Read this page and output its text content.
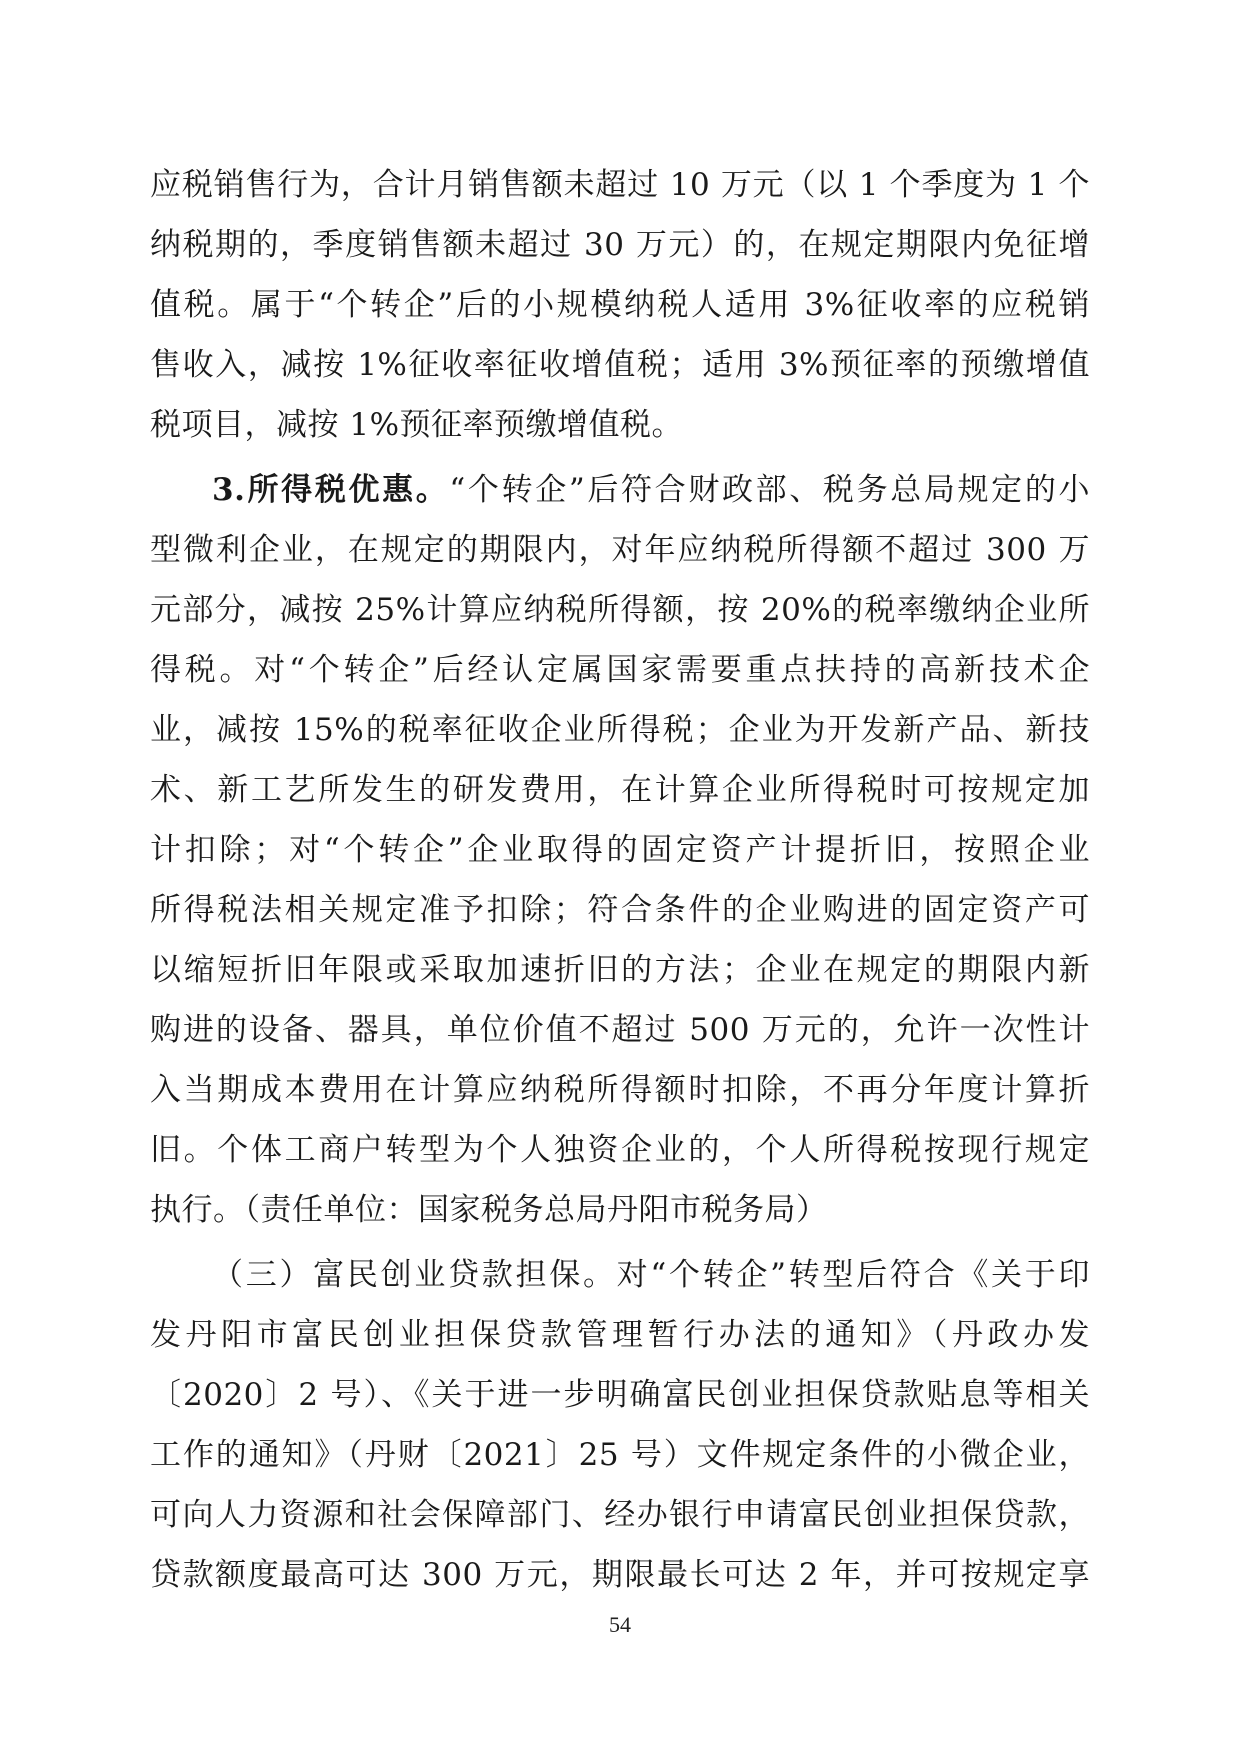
应税销售行为，合计月销售额未超过 10 万元（以 1 个季度为 1 个
纳税期的，季度销售额未超过 30 万元）的，在规定期限内免征增
值税。属于“个转企”后的小规模纳税人适用 3%征收率的应税销
售收入，减按 1%征收率征收增值税；适用 3%预征率的预缴增值
税项目，减按 1%预征率预缴增值税。
3.所得税优惠。“个转企”后符合财政部、税务总局规定的小
型微利企业，在规定的期限内，对年应纳税所得额不超过 300 万
元部分，减按 25%计算应纳税所得额，按 20%的税率缴纳企业所
得税。对“个转企”后经认定属国家需要重点扶持的高新技术企
业，减按 15%的税率征收企业所得税；企业为开发新产品、新技
术、新工艺所发生的研发费用，在计算企业所得税时可按规定加
计扣除；对“个转企”企业取得的固定资产计提折旧，按照企业
所得税法相关规定准予扣除；符合条件的企业购进的固定资产可
以缩短折旧年限或采取加速折旧的方法；企业在规定的期限内新
购进的设备、器具，单位价值不超过 500 万元的，允许一次性计
入当期成本费用在计算应纳税所得额时扣除，不再分年度计算折
旧。个体工商户转型为个人独资企业的，个人所得税按现行规定
执行。（责任单位：国家税务总局丹阳市税务局）
（三）富民创业贷款担保。对“个转企”转型后符合《关于印
发丹阳市富民创业担保贷款管理暂行办法的通知》（丹政办发
〔2020〕2 号）、《关于进一步明确富民创业担保贷款贴息等相关
工作的通知》（丹财〔2021〕25 号）文件规定条件的小微企业，
可向人力资源和社会保障部门、经办银行申请富民创业担保贷款，
贷款额度最高可达 300 万元，期限最长可达 2 年，并可按规定享
54
